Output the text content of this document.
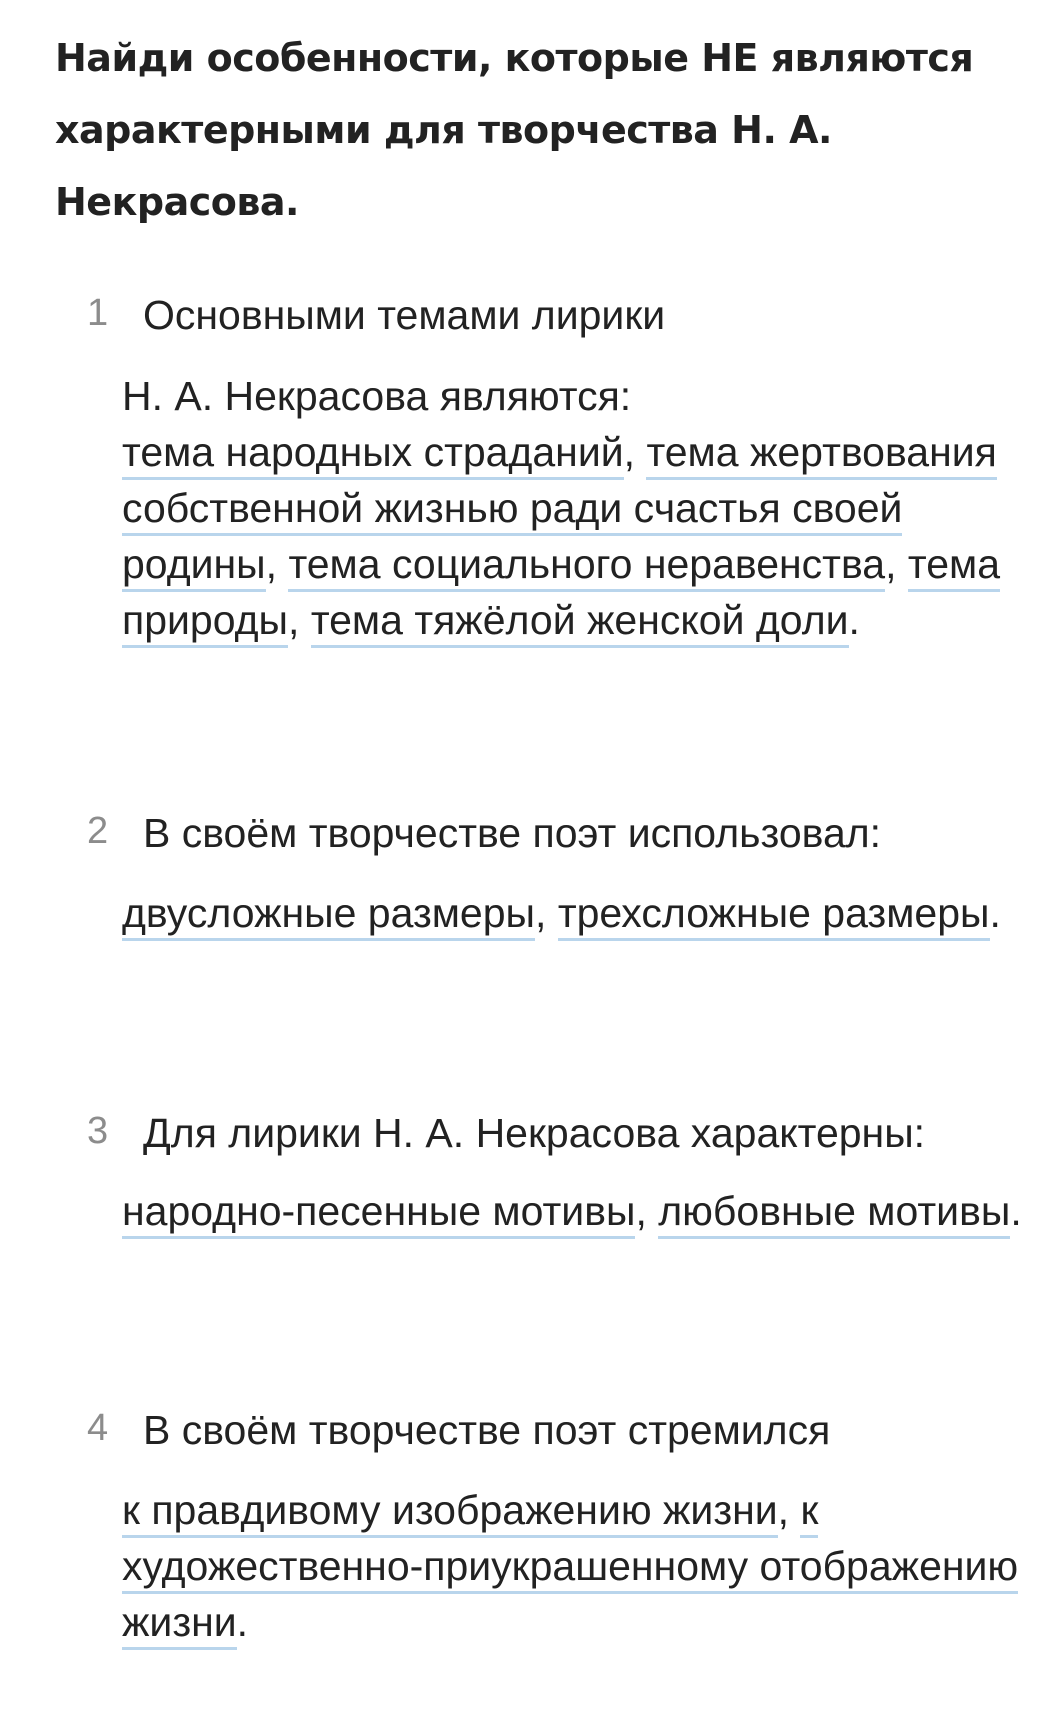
Найди особенности, которые НЕ являются характерными для творчества Н. А. Некрасова.
1 Основными темами лирики
Н. А. Некрасова являются:
тема народных страданий, тема жертвования собственной жизнью ради счастья своей родины, тема социального неравенства, тема природы, тема тяжёлой женской доли.
2 В своём творчестве поэт использовал:
двусложные размеры, трехсложные размеры.
3 Для лирики Н. А. Некрасова характерны:
народно-песенные мотивы, любовные мотивы.
4 В своём творчестве поэт стремился
к правдивому изображению жизни, к художественно-приукрашенному отображению жизни.
